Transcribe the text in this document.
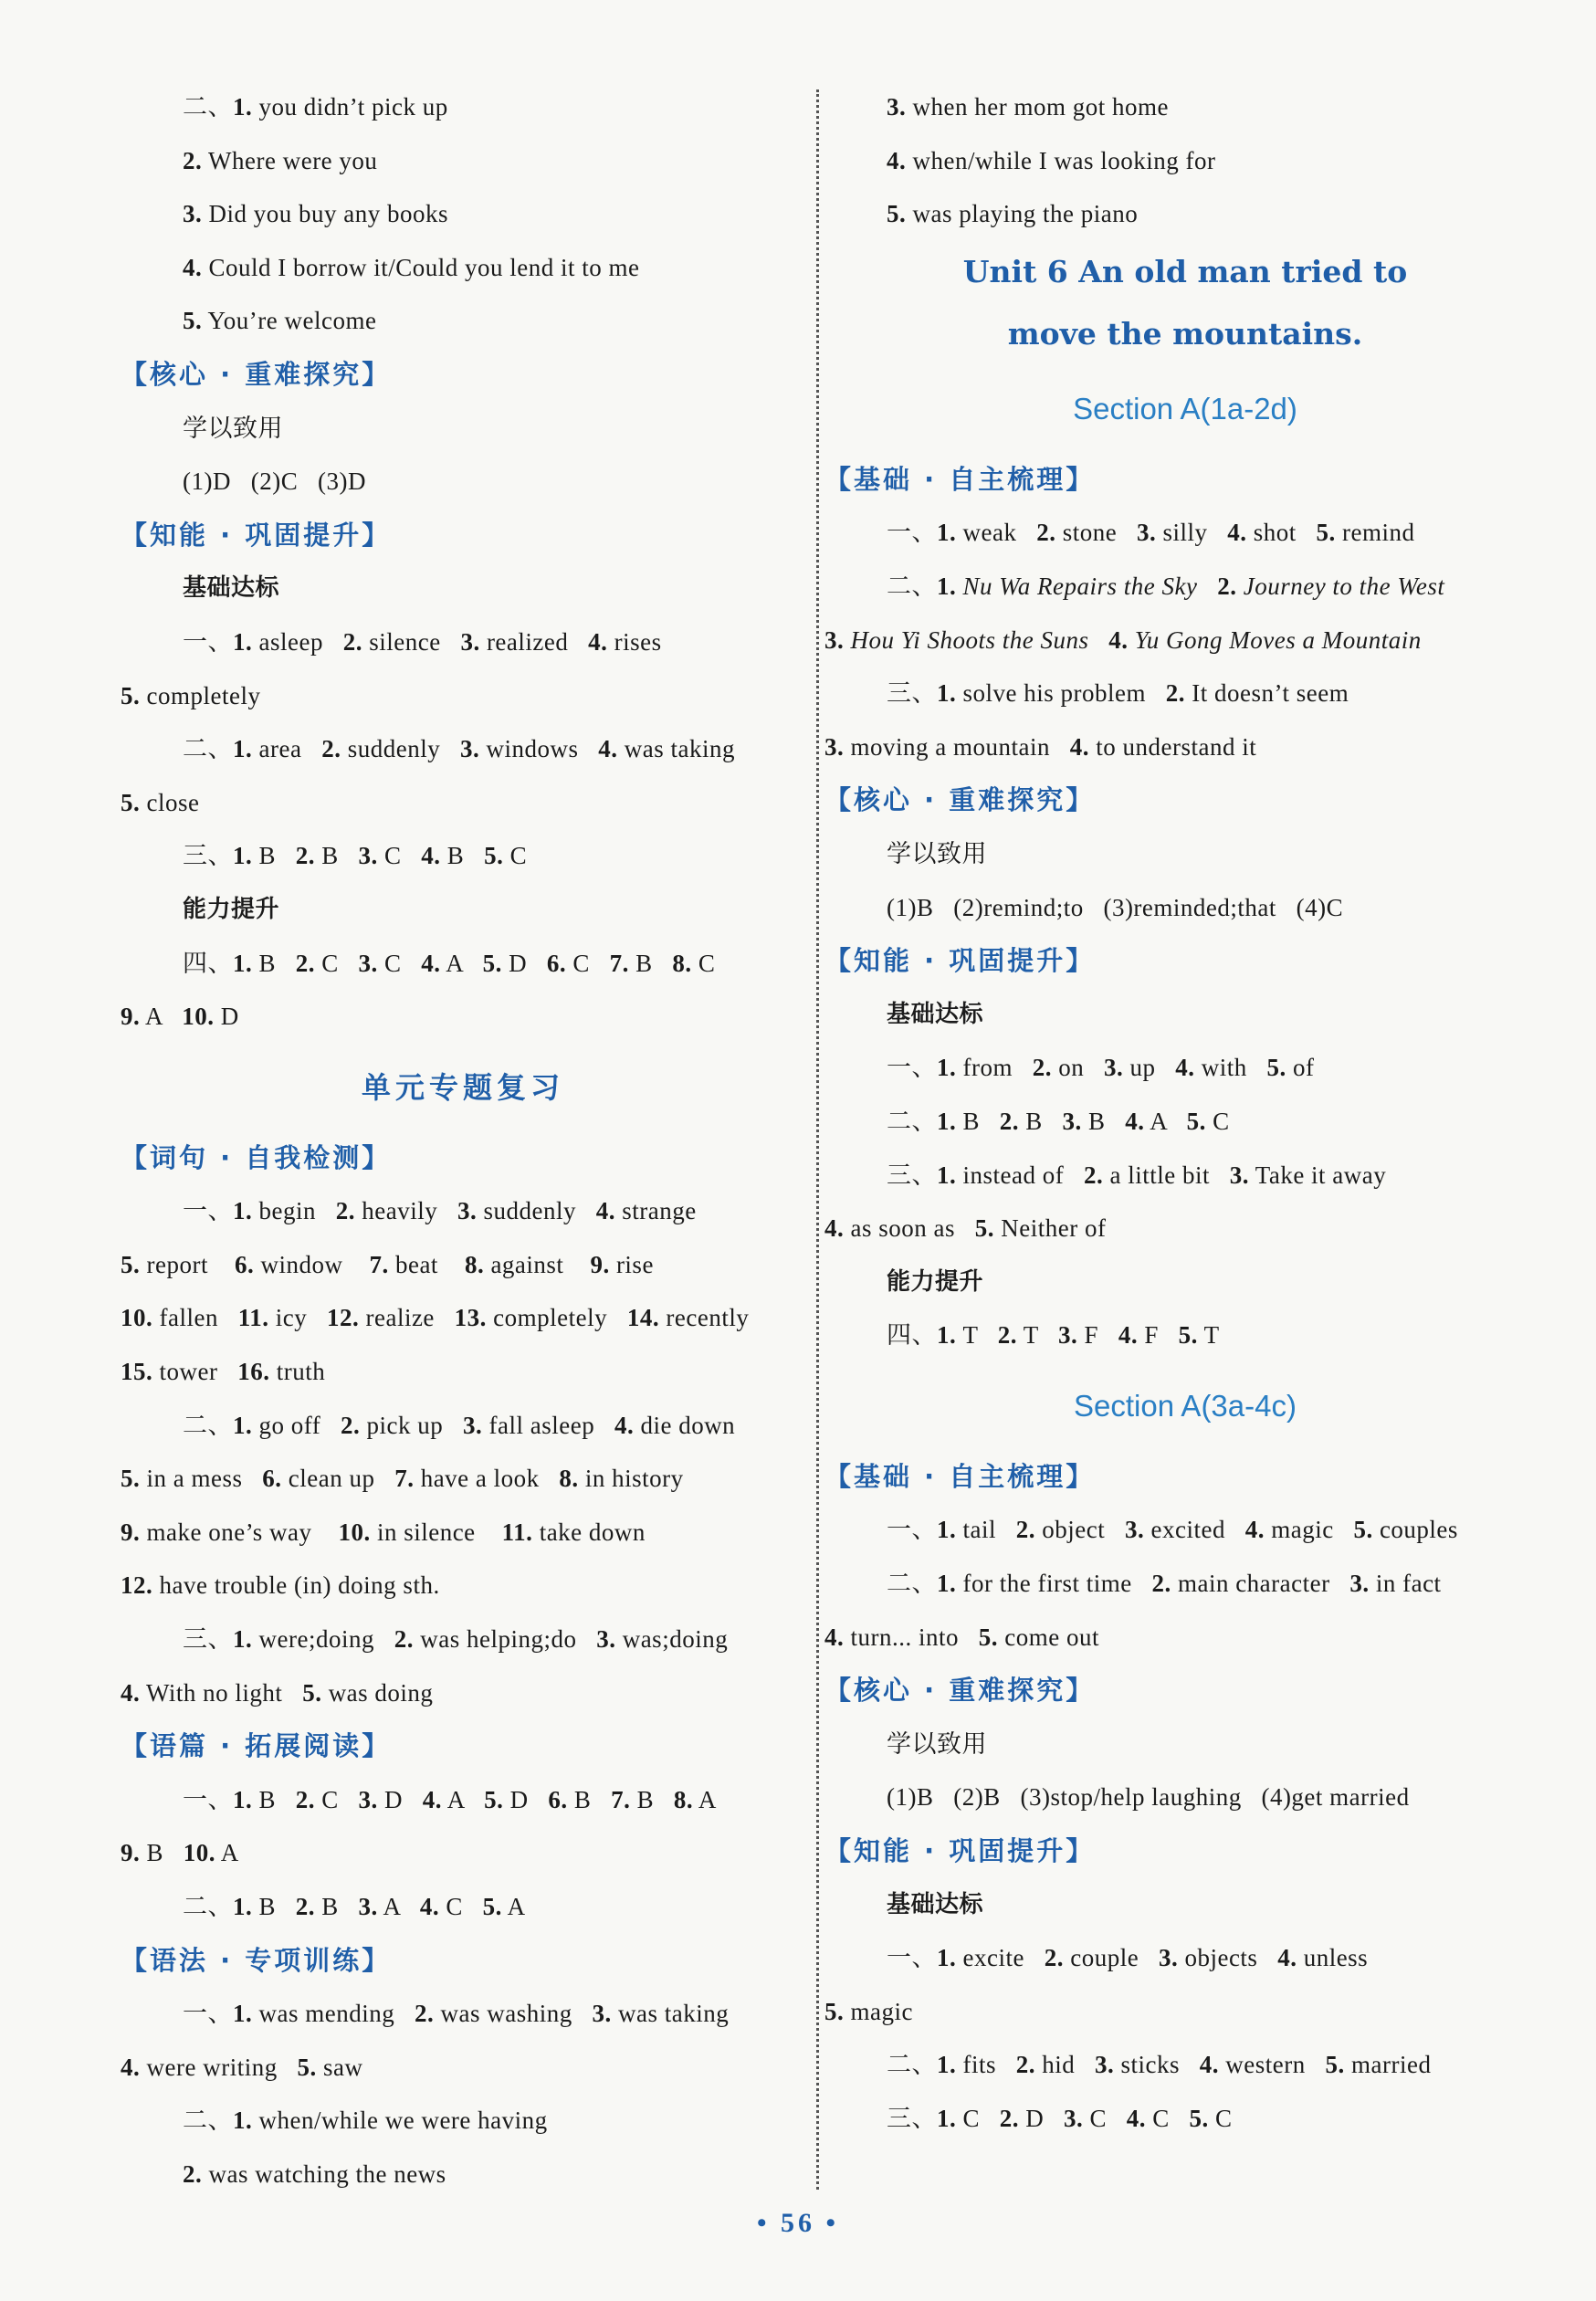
二、1. you didn’t pick up
2. Where were you
3. Did you buy any books
4. Could I borrow it/Could you lend it to me
5. You’re welcome
【核心 · 重难探究】
学以致用
(1)D   (2)C   (3)D
【知能 · 巩固提升】
基础达标
一、1. asleep   2. silence   3. realized   4. rises
5. completely
二、1. area   2. suddenly   3. windows   4. was taking
5. close
三、1. B   2. B   3. C   4. B   5. C
能力提升
四、1. B   2. C   3. C   4. A   5. D   6. C   7. B   8. C
9. A   10. D
单元专题复习
【词句 · 自我检测】
一、1. begin   2. heavily   3. suddenly   4. strange
5. report    6. window    7. beat    8. against    9. rise
10. fallen   11. icy   12. realize   13. completely   14. recently
15. tower   16. truth
二、1. go off   2. pick up   3. fall asleep   4. die down
5. in a mess   6. clean up   7. have a look   8. in history
9. make one’s way    10. in silence    11. take down
12. have trouble (in) doing sth.
三、1. were;doing   2. was helping;do   3. was;doing
4. With no light   5. was doing
【语篇 · 拓展阅读】
一、1. B   2. C   3. D   4. A   5. D   6. B   7. B   8. A
9. B   10. A
二、1. B   2. B   3. A   4. C   5. A
【语法 · 专项训练】
一、1. was mending   2. was washing   3. was taking
4. were writing   5. saw
二、1. when/while we were having
2. was watching the news
3. when her mom got home
4. when/while I was looking for
5. was playing the piano
Unit 6 An old man tried to
move the mountains.
Section A(1a-2d)
【基础 · 自主梳理】
一、1. weak   2. stone   3. silly   4. shot   5. remind
二、1. Nu Wa Repairs the Sky 2. Journey to the West
3. Hou Yi Shoots the Suns 4. Yu Gong Moves a Mountain
三、1. solve his problem   2. It doesn’t seem
3. moving a mountain   4. to understand it
【核心 · 重难探究】
学以致用
(1)B   (2)remind;to   (3)reminded;that   (4)C
【知能 · 巩固提升】
基础达标
一、1. from   2. on   3. up   4. with   5. of
二、1. B   2. B   3. B   4. A   5. C
三、1. instead of   2. a little bit   3. Take it away
4. as soon as   5. Neither of
能力提升
四、1. T   2. T   3. F   4. F   5. T
Section A(3a-4c)
【基础 · 自主梳理】
一、1. tail   2. object   3. excited   4. magic   5. couples
二、1. for the first time   2. main character   3. in fact
4. turn... into   5. come out
【核心 · 重难探究】
学以致用
(1)B   (2)B   (3)stop/help laughing   (4)get married
【知能 · 巩固提升】
基础达标
一、1. excite   2. couple   3. objects   4. unless
5. magic
二、1. fits   2. hid   3. sticks   4. western   5. married
三、1. C   2. D   3. C   4. C   5. C
• 56 •
